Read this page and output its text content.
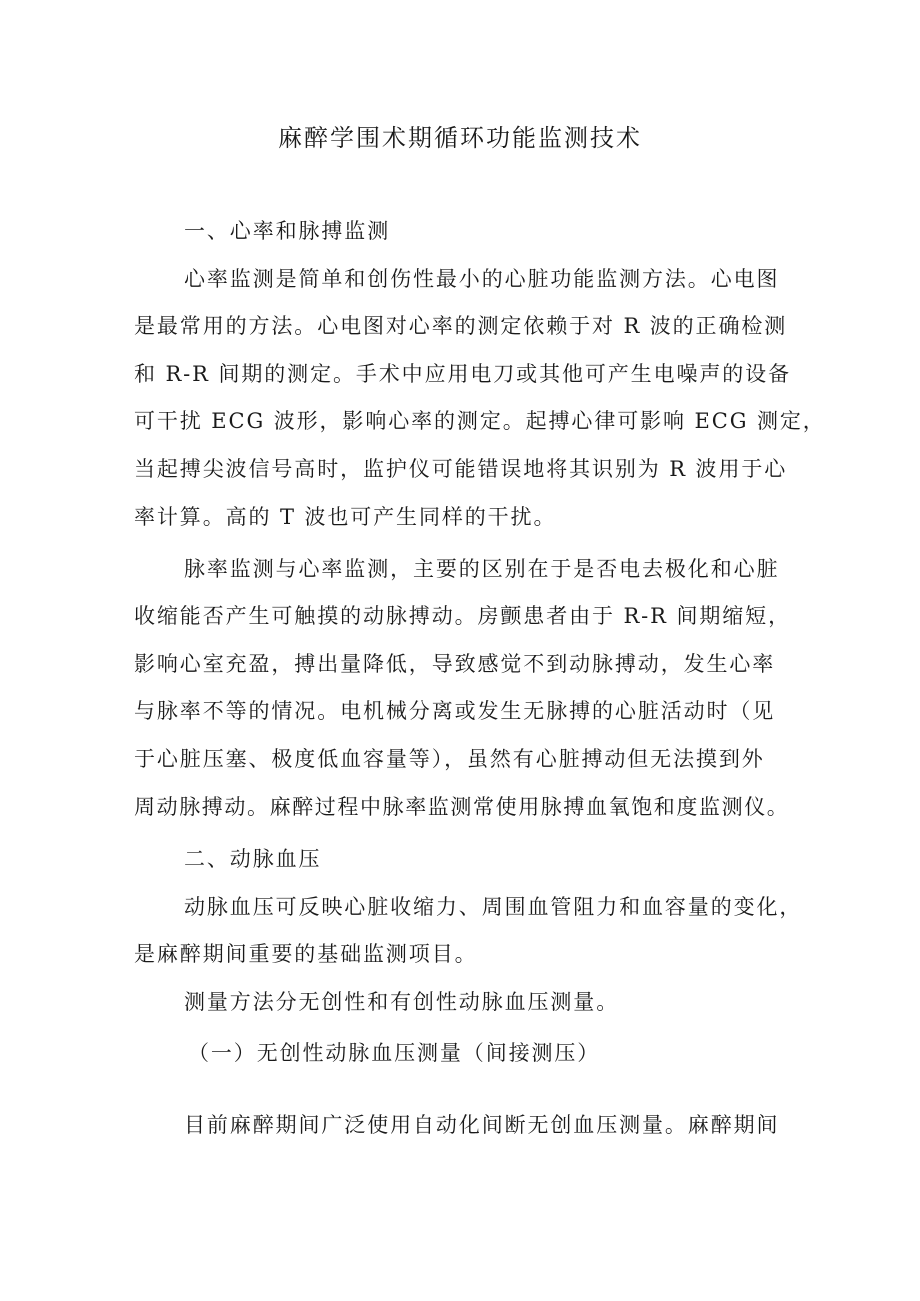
麻醉学围术期循环功能监测技术
一、心率和脉搏监测
心率监测是简单和创伤性最小的心脏功能监测方法。心电图
是最常用的方法。心电图对心率的测定依赖于对 R 波的正确检测
和 R-R 间期的测定。手术中应用电刀或其他可产生电噪声的设备
可干扰 ECG 波形，影响心率的测定。起搏心律可影响 ECG 测定，
当起搏尖波信号高时，监护仪可能错误地将其识别为 R 波用于心
率计算。高的 T 波也可产生同样的干扰。
脉率监测与心率监测，主要的区别在于是否电去极化和心脏
收缩能否产生可触摸的动脉搏动。房颤患者由于 R-R 间期缩短，
影响心室充盈，搏出量降低，导致感觉不到动脉搏动，发生心率
与脉率不等的情况。电机械分离或发生无脉搏的心脏活动时（见
于心脏压塞、极度低血容量等），虽然有心脏搏动但无法摸到外
周动脉搏动。麻醉过程中脉率监测常使用脉搏血氧饱和度监测仪。
二、动脉血压
动脉血压可反映心脏收缩力、周围血管阻力和血容量的变化，
是麻醉期间重要的基础监测项目。
测量方法分无创性和有创性动脉血压测量。
（一）无创性动脉血压测量（间接测压）
目前麻醉期间广泛使用自动化间断无创血压测量。麻醉期间
